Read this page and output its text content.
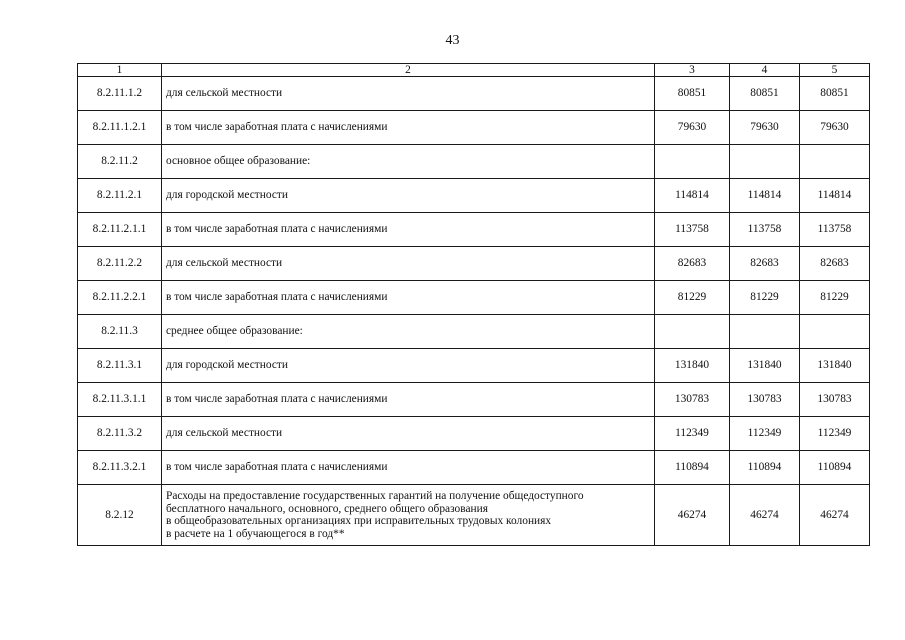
43
1	2	3	4	5
8.2.11.1.2	для сельской местности	80851	80851	80851
8.2.11.1.2.1	в том числе заработная плата с начислениями	79630	79630	79630
8.2.11.2	основное общее образование:			
8.2.11.2.1	для городской местности	114814	114814	114814
8.2.11.2.1.1	в том числе заработная плата с начислениями	113758	113758	113758
8.2.11.2.2	для сельской местности	82683	82683	82683
8.2.11.2.2.1	в том числе заработная плата с начислениями	81229	81229	81229
8.2.11.3	среднее общее образование:			
8.2.11.3.1	для городской местности	131840	131840	131840
8.2.11.3.1.1	в том числе заработная плата с начислениями	130783	130783	130783
8.2.11.3.2	для сельской местности	112349	112349	112349
8.2.11.3.2.1	в том числе заработная плата с начислениями	110894	110894	110894
8.2.12	Расходы на предоставление государственных гарантий на получение общедоступного
бесплатного начального, основного, среднего общего образования
в общеобразовательных организациях при исправительных трудовых колониях
в расчете на 1 обучающегося в год**	46274	46274	46274
